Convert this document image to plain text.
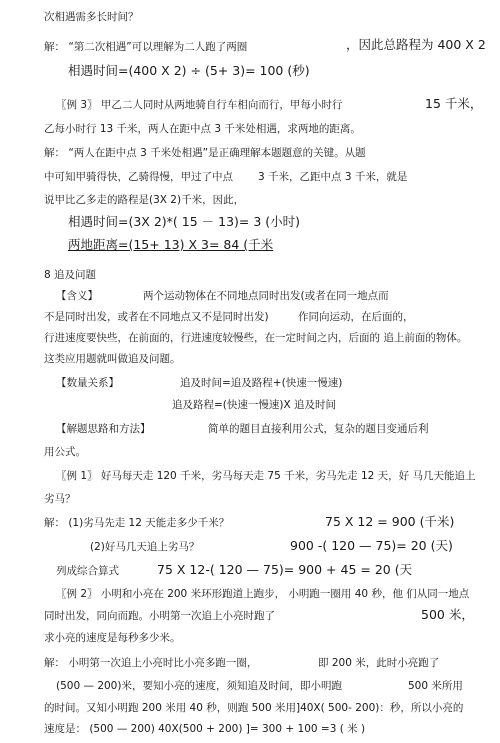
次相遇需多长时间？
解： “第二次相遇”可以理解为二人跑了两圈	，因此总路程为 400 X 2
相遇时间=(400 X 2) ÷ (5+ 3)= 100 (秒)
〖例 3〗 甲乙二人同时从两地骑自行车相向而行，甲每小时行	15 千米，
乙每小时行 13 千米，两人在距中点 3 千米处相遇，求两地的距离。
解： “两人在距中点 3 千米处相遇”是正确理解本题题意的关键。从题
中可知甲骑得快，乙骑得慢，甲过了中点 3 千米，乙距中点 3 千米，就是
说甲比乙多走的路程是(3X 2)千米，因此，
相遇时间=(3X 2)*( 15 － 13)= 3 (小时)
两地距离=(15+ 13) X 3= 84 (千米
8 追及问题
【含义】	两个运动物体在不同地点同时出发(或者在同一地点而
不是同时出发，或者在不同地点又不是同时出发)	作同向运动，在后面的，
行进速度要快些，在前面的，行进速度较慢些，在一定时间之内，后面的 追上前面的物体。
这类应用题就叫做追及问题。
【数量关系】	追及时间=追及路程+(快速一慢速)
追及路程=(快速一慢速)X 追及时间
【解题思路和方法】	简单的题目直接利用公式，复杂的题目变通后利
用公式。
〖例 1〗 好马每天走 120 千米，劣马每天走 75 千米，劣马先走 12 天，好 马几天能追上
劣马？
解： (1)劣马先走 12 天能走多少千米？	75 X 12 = 900 (千米)
(2)好马几天追上劣马？	900 -( 120 — 75)= 20 (天)
列成综合算式	75 X 12-( 120 — 75)= 900 + 45 = 20 (天
〖例 2〗 小明和小亮在 200 米环形跑道上跑步， 小明跑一圈用 40 秒，他 们从同一地点
同时出发，同向而跑。小明第一次追上小亮时跑了	500 米，
求小亮的速度是每秒多少米。
解： 小明第一次追上小亮时比小亮多跑一圈，	即 200 米，此时小亮跑了
(500 — 200)米，要知小亮的速度，须知追及时间，即小明跑	500 米所用
的时间。又知小明跑 200 米用 40 秒，则跑 500 米用]40X( 500- 200)：秒，所以小亮的
速度是： (500 — 200) 40X(500 + 200) ]= 300 + 100 =3 ( 米 )
